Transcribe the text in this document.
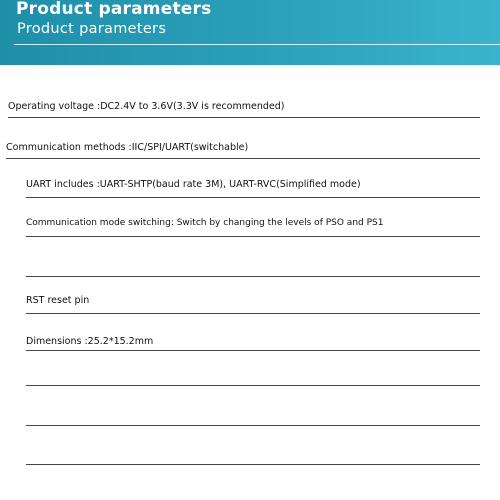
Product parameters
Product parameters
Operating voltage :DC2.4V to 3.6V(3.3V is recommended)
Communication methods :IIC/SPI/UART(switchable)
UART includes :UART-SHTP(baud rate 3M), UART-RVC(Simplified mode)
Communication mode switching: Switch by changing the levels of PSO and PS1
RST reset pin
Dimensions :25.2*15.2mm
